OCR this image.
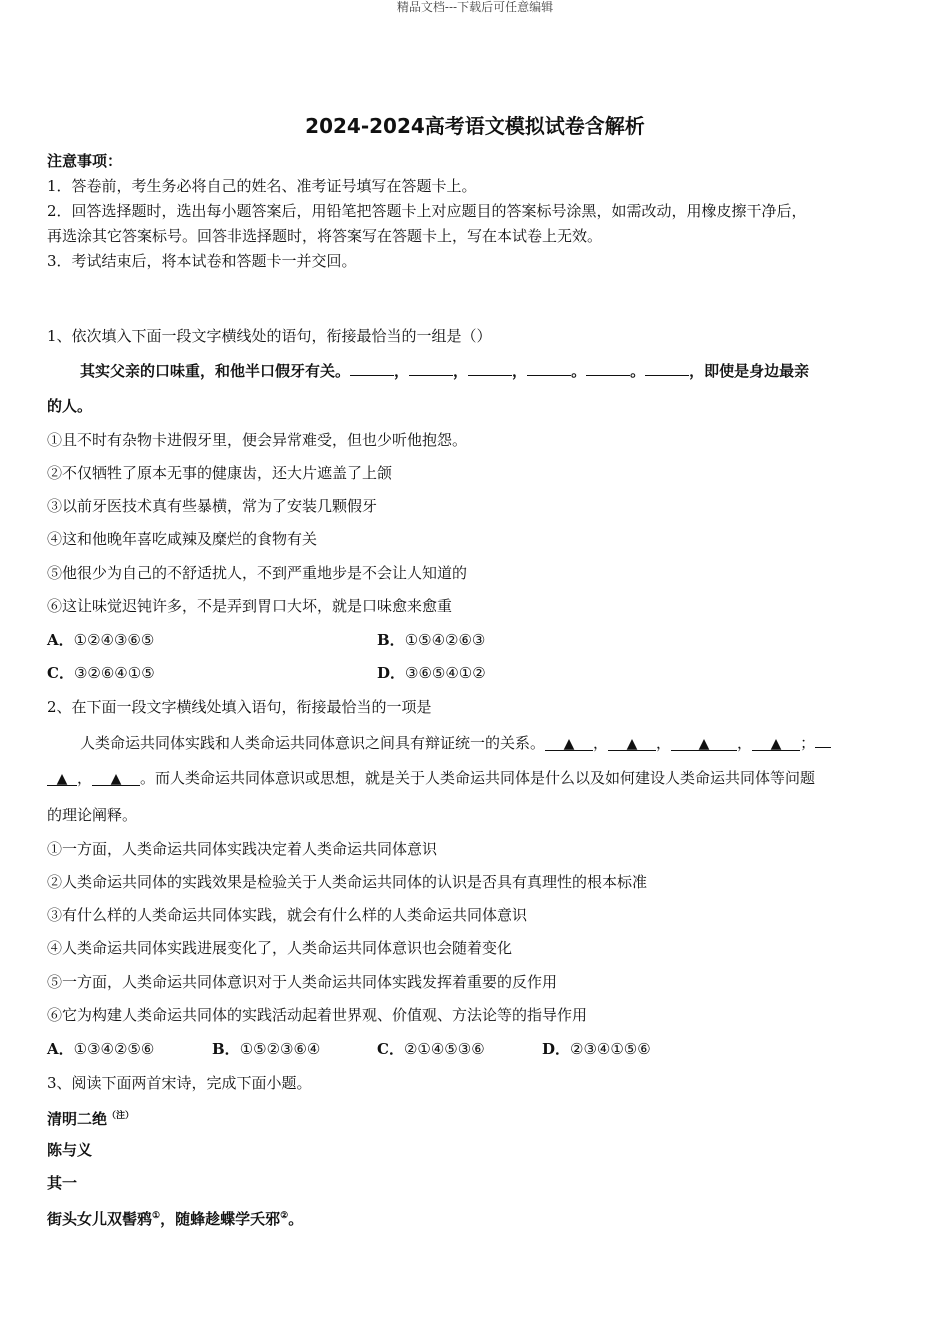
精品文档---下载后可任意编辑
2024-2024高考语文模拟试卷含解析
注意事项：
1．答卷前，考生务必将自己的姓名、准考证号填写在答题卡上。
2．回答选择题时，选出每小题答案后，用铅笔把答题卡上对应题目的答案标号涂黑，如需改动，用橡皮擦干净后，
再选涂其它答案标号。回答非选择题时，将答案写在答题卡上，写在本试卷上无效。
3．考试结束后，将本试卷和答题卡一并交回。
1、依次填入下面一段文字横线处的语句，衔接最恰当的一组是（）
其实父亲的口味重，和他半口假牙有关。	，	，	，	。	。	，即使是身边最亲
的人。
①且不时有杂物卡进假牙里，便会异常难受，但也少听他抱怨。
②不仅牺牲了原本无事的健康齿，还大片遮盖了上颌
③以前牙医技术真有些暴横，常为了安装几颗假牙
④这和他晚年喜吃咸辣及糜烂的食物有关
⑤他很少为自己的不舒适扰人，不到严重地步是不会让人知道的
⑥这让味觉迟钝许多，不是弄到胃口大坏，就是口味愈来愈重
A．①②④③⑥⑤	B．①⑤④②⑥③
C．③②⑥④①⑤	D．③⑥⑤④①②
2、在下面一段文字横线处填入语句，衔接最恰当的一项是
人类命运共同体实践和人类命运共同体意识之间具有辩证统一的关系。 ▲ ， ▲ ， ▲ ， ▲ ；
▲ ， ▲ 。而人类命运共同体意识或思想，就是关于人类命运共同体是什么以及如何建设人类命运共同体等问题
的理论阐释。
①一方面，人类命运共同体实践决定着人类命运共同体意识
②人类命运共同体的实践效果是检验关于人类命运共同体的认识是否具有真理性的根本标准
③有什么样的人类命运共同体实践，就会有什么样的人类命运共同体意识
④人类命运共同体实践进展变化了，人类命运共同体意识也会随着变化
⑤一方面，人类命运共同体意识对于人类命运共同体实践发挥着重要的反作用
⑥它为构建人类命运共同体的实践活动起着世界观、价值观、方法论等的指导作用
A．①③④②⑤⑥	B．①⑤②③⑥④	C．②①④⑤③⑥	D．②③④①⑤⑥
3、阅读下面两首宋诗，完成下面小题。
清明二绝$^{(注)}$
陈与义
其一
街头女儿双髻鸦①，随蜂趁蝶学夭邪②。
